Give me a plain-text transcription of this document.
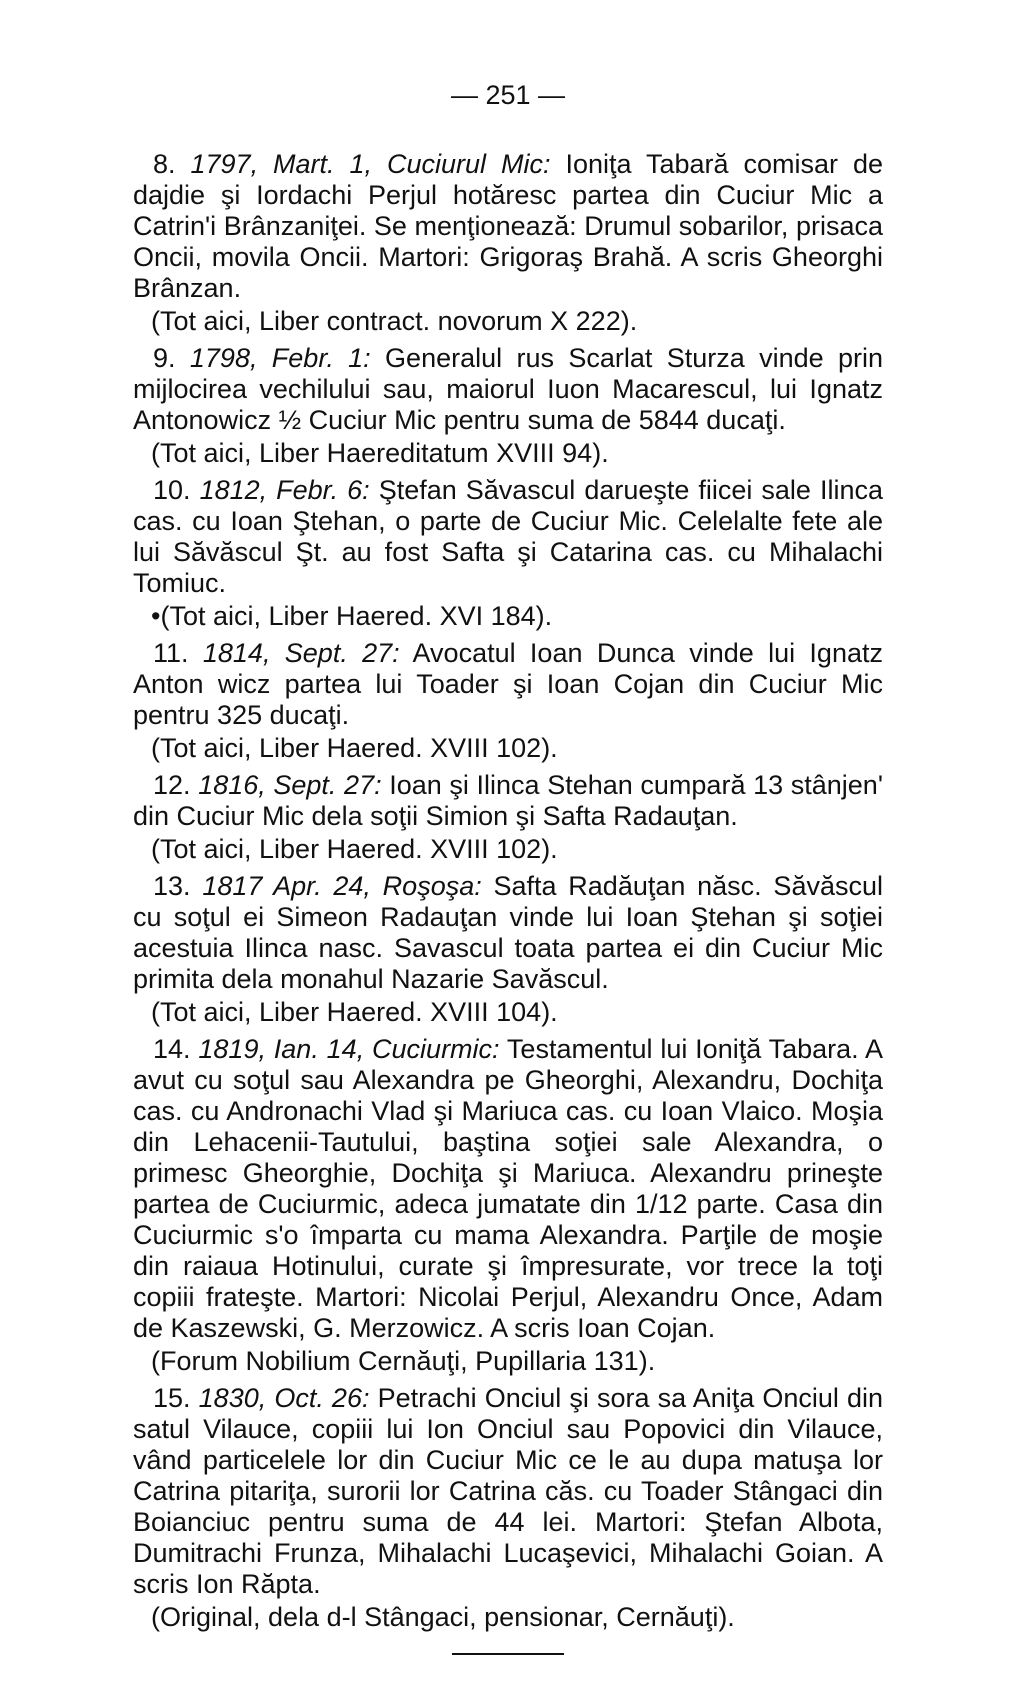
— 251 —

8. 1797, Mart. 1, Cuciurul Mic: Ioniţa Tabară comisar de dajdie şi Iordachi Perjul hotăresc partea din Cuciur Mic a Catrin'i Brânzaniţei. Se menţionează: Drumul sobarilor, prisaca Oncii, movila Oncii. Martori: Grigoraş Brahă. A scris Gheorghi Brânzan.

(Tot aici, Liber contract. novorum X 222).

9. 1798, Febr. 1: Generalul rus Scarlat Sturza vinde prin mijlocirea vechilului sau, maiorul Iuon Macarescul, lui Ignatz Antonowicz ½ Cuciur Mic pentru suma de 5844 ducaţi.

(Tot aici, Liber Haereditatum XVIII 94).

10. 1812, Febr. 6: Ştefan Săvascul darueşte fiicei sale Ilinca cas. cu Ioan Ştehan, o parte de Cuciur Mic. Celelalte fete ale lui Săvăscul Şt. au fost Safta şi Catarina cas. cu Mihalachi Tomiuc.

•(Tot aici, Liber Haered. XVI 184).

11. 1814, Sept. 27: Avocatul Ioan Dunca vinde lui Ignatz Anton wicz partea lui Toader şi Ioan Cojan din Cuciur Mic pentru 325 ducaţi.

(Tot aici, Liber Haered. XVIII 102).

12. 1816, Sept. 27: Ioan şi Ilinca Stehan cumpară 13 stânjen' din Cuciur Mic dela soţii Simion şi Safta Radauţan.

(Tot aici, Liber Haered. XVIII 102).

13. 1817 Apr. 24, Roşoşa: Safta Radăuţan născ. Săvăscul cu soţul ei Simeon Radauţan vinde lui Ioan Ştehan şi soţiei acestuia Ilinca nasc. Savascul toata partea ei din Cuciur Mic primita dela monahul Nazarie Savăscul.

(Tot aici, Liber Haered. XVIII 104).

14. 1819, Ian. 14, Cuciurmic: Testamentul lui Ioniţă Tabara. A avut cu soţul sau Alexandra pe Gheorghi, Alexandru, Dochiţa cas. cu Andronachi Vlad şi Mariuca cas. cu Ioan Vlaico. Moşia din Lehacenii-Tautului, baştina soţiei sale Alexandra, o primesc Gheorghie, Dochiţa şi Mariuca. Alexandru prineşte partea de Cuciurmic, adeca jumatate din 1/12 parte. Casa din Cuciurmic s'o împarta cu mama Alexandra. Parţile de moşie din raiaua Hotinului, curate şi împresurate, vor trece la toţi copiii frateşte. Martori: Nicolai Perjul, Alexandru Once, Adam de Kaszewski, G. Merzowicz. A scris Ioan Cojan.

(Forum Nobilium Cernăuţi, Pupillaria 131).

15. 1830, Oct. 26: Petrachi Onciul şi sora sa Aniţa Onciul din satul Vilauce, copiii lui Ion Onciul sau Popovici din Vilauce, vând particelele lor din Cuciur Mic ce le au dupa matuşa lor Catrina pitariţa, surorii lor Catrina căs. cu Toader Stângaci din Boianciuc pentru suma de 44 lei. Martori: Ştefan Albota, Dumitrachi Frunza, Mihalachi Lucaşevici, Mihalachi Goian. A scris Ion Răpta.

(Original, dela d-l Stângaci, pensionar, Cernăuţi).
